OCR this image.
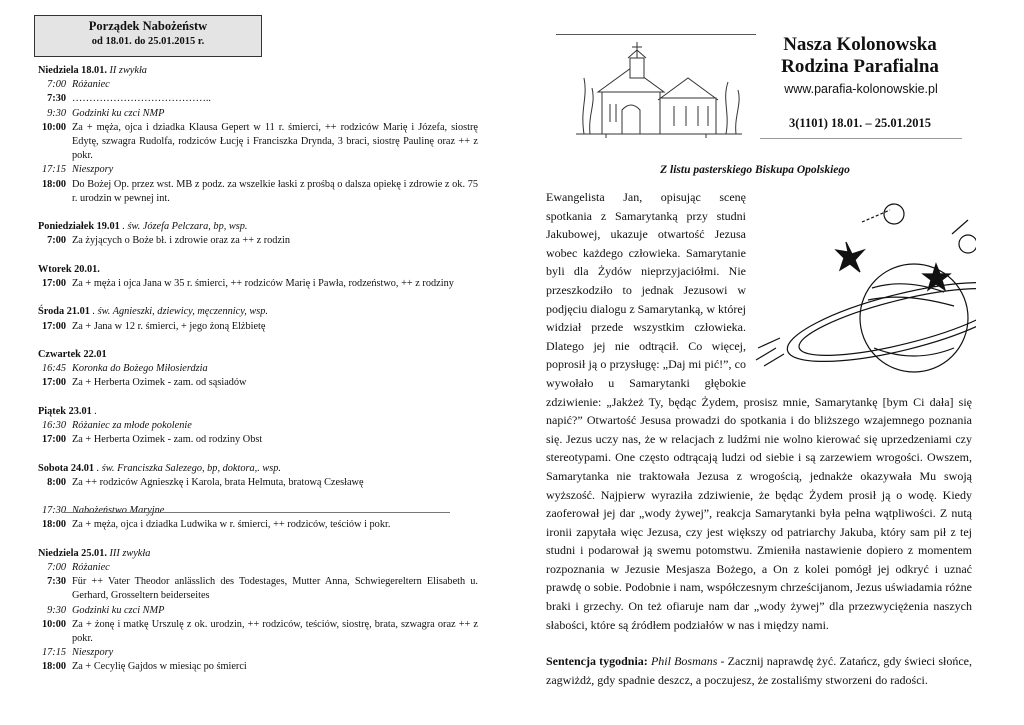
Porządek Nabożeństw
od 18.01. do 25.01.2015 r.
Niedziela 18.01. II zwykła
7:00 Różaniec
7:30 …………………………………..
9:30 Godzinki ku czci NMP
10:00 Za + męża, ojca i dziadka Klausa Gepert w 11 r. śmierci, ++ rodziców Marię i Józefa, siostrę Edytę, szwagra Rudolfa, rodziców Łucję i Franciszka Drynda, 3 braci, siostrę Paulinę oraz ++ z pokr.
17:15 Nieszpory
18:00 Do Bożej Op. przez wst. MB z podz. za wszelkie łaski z prośbą o dalsza opiekę i zdrowie z ok. 75 r. urodzin w pewnej int.
Poniedziałek 19.01 . św. Józefa Pelczara, bp, wsp.
7:00 Za żyjących o Boże bł. i zdrowie oraz za ++ z rodzin
Wtorek 20.01.
17:00 Za + męża i ojca Jana w 35 r. śmierci, ++ rodziców Marię i Pawła, rodzeństwo, ++ z rodziny
Środa 21.01 . św. Agnieszki, dziewicy, męczennicy, wsp.
17:00 Za + Jana w 12 r. śmierci, + jego żoną Elżbietę
Czwartek 22.01
16:45 Koronka do Bożego Miłosierdzia
17:00 Za + Herberta Ozimek - zam. od sąsiadów
Piątek 23.01 .
16:30 Różaniec za młode pokolenie
17:00 Za + Herberta Ozimek - zam. od rodziny Obst
Sobota 24.01 . św. Franciszka Salezego, bp, doktora,. wsp.
8:00 Za ++ rodziców Agnieszkę i Karola, brata Helmuta, bratową Czesławę
17:30 Nabożeństwo Maryjne
18:00 Za + męża, ojca i dziadka Ludwika w r. śmierci, ++ rodziców, teściów i pokr.
Niedziela 25.01. III zwykła
7:00 Różaniec
7:30 Für ++ Vater Theodor anlässlich des Todestages, Mutter Anna, Schwiegereltern Elisabeth u. Gerhard, Grosseltern beiderseites
9:30 Godzinki ku czci NMP
10:00 Za + żonę i matkę Urszulę z ok. urodzin, ++ rodziców, teściów, siostrę, brata, szwagra oraz ++ z pokr.
17:15 Nieszpory
18:00 Za + Cecylię Gajdos w miesiąc po śmierci
Nasza Kolonowska
Rodzina Parafialna
www.parafia-kolonowskie.pl
3(1101) 18.01. – 25.01.2015
Z listu pasterskiego Biskupa Opolskiego
Ewangelista Jan, opisując scenę spotkania z Samarytanką przy studni Jakubowej, ukazuje otwartość Jezusa wobec każdego człowieka. Samarytanie byli dla Żydów nieprzyjaciółmi. Nie przeszkodziło to jednak Jezusowi w podjęciu dialogu z Samarytanką, w której widział przede wszystkim człowieka. Dlatego jej nie odtrącił. Co więcej, poprosił ją o przysługę: „Daj mi pić!”, co wywołało u Samarytanki głębokie zdziwienie: „Jakżeż Ty, będąc Żydem, prosisz mnie, Samarytankę [bym Ci dała] się napić?” Otwartość Jesusa prowadzi do spotkania i do bliższego wzajemnego poznania się. Jezus uczy nas, że w relacjach z ludźmi nie wolno kierować się uprzedzeniami czy stereotypami. One często odtrącają ludzi od siebie i są zarzewiem wrogości. Owszem, Samarytanka nie traktowała Jezusa z wrogością, jednakże okazywała Mu swoją wyższość. Najpierw wyraziła zdziwienie, że będąc Żydem prosił ją o wodę. Kiedy zaoferował jej dar „wody żywej”, reakcja Samarytanki była pełna wątpliwości. Z nutą ironii zapytała więc Jezusa, czy jest większy od patriarchy Jakuba, który sam pił z tej studni i podarował ją swemu potomstwu. Zmieniła nastawienie dopiero z momentem rozpoznania w Jezusie Mesjasza Bożego, a On z kolei pomógł jej odkryć i uznać prawdę o sobie. Podobnie i nam, współczesnym chrześcijanom, Jezus uświadamia różne braki i grzechy. On też ofiaruje nam dar „wody żywej” dla przezwyciężenia naszych słabości, które są źródłem podziałów w nas i między nami.
Sentencja tygodnia: Phil Bosmans - Zacznij naprawdę żyć. Zatańcz, gdy świeci słońce, zagwiżdż, gdy spadnie deszcz, a poczujesz, że zostaliśmy stworzeni do radości.
